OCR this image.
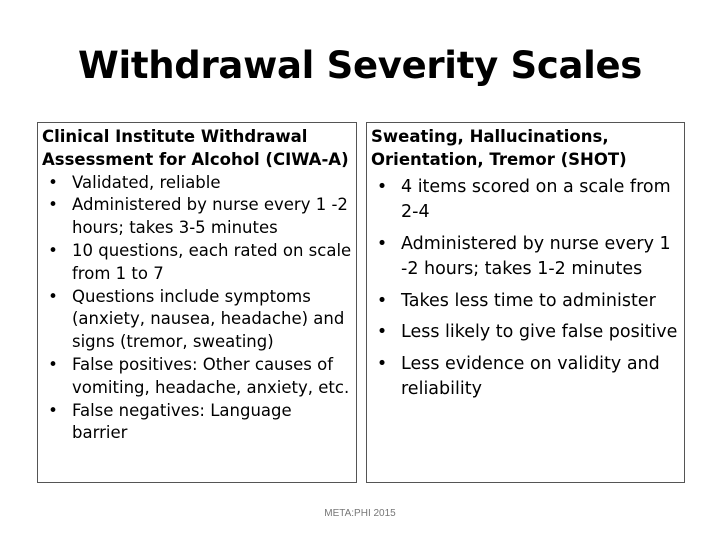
Withdrawal Severity Scales
Clinical Institute Withdrawal
Assessment for Alcohol (CIWA-A)
• Validated, reliable
• Administered by nurse every 1 -2 hours; takes 3-5 minutes
• 10 questions, each rated on scale from 1 to 7
• Questions include symptoms (anxiety, nausea, headache) and signs (tremor, sweating)
• False positives: Other causes of vomiting, headache, anxiety, etc.
• False negatives: Language barrier
Sweating, Hallucinations,
Orientation, Tremor (SHOT)
• 4 items scored on a scale from 2-4
• Administered by nurse every 1 -2 hours; takes 1-2 minutes
• Takes less time to administer
• Less likely to give false positive
• Less evidence on validity and reliability
META:PHI 2015
